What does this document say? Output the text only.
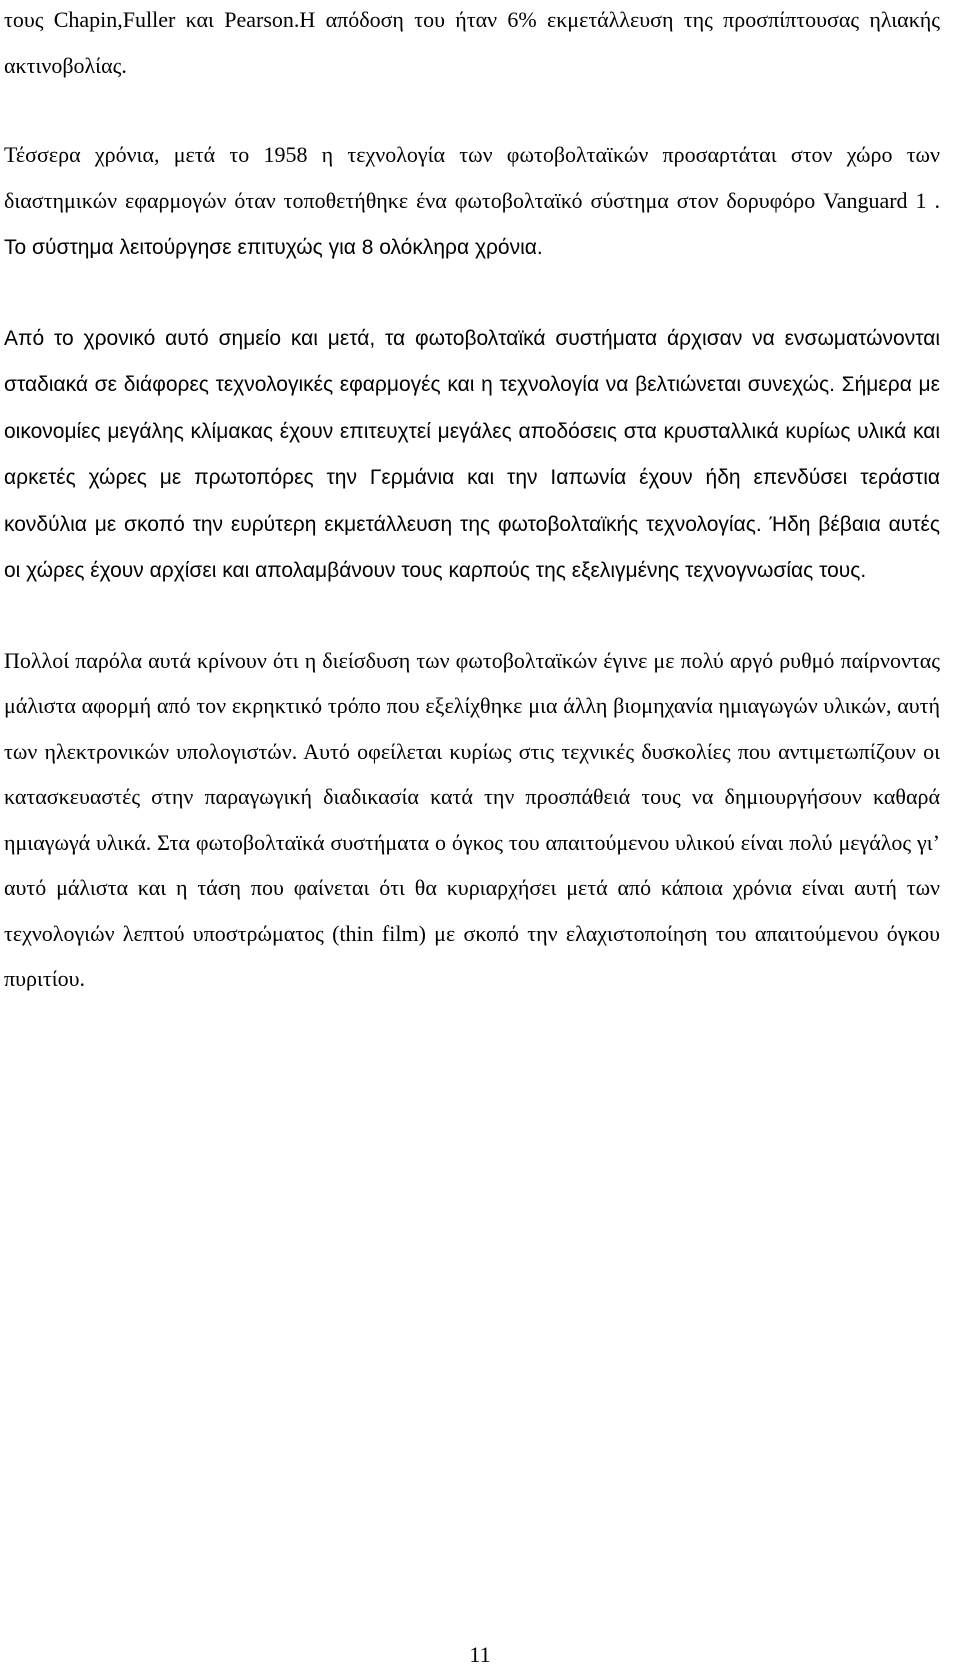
τους Chapin,Fuller και Pearson.H απόδοση του ήταν 6% εκμετάλλευση της προσπίπτουσας ηλιακής ακτινοβολίας.

Τέσσερα χρόνια, μετά το 1958 η τεχνολογία των φωτοβολταϊκών προσαρτάται στον χώρο των διαστημικών εφαρμογών όταν τοποθετήθηκε ένα φωτοβολταϊκό σύστημα στον δορυφόρο Vanguard 1 . Το σύστημα λειτούργησε επιτυχώς για 8 ολόκληρα χρόνια.

Από το χρονικό αυτό σημείο και μετά, τα φωτοβολταϊκά συστήματα άρχισαν να ενσωματώνονται σταδιακά σε διάφορες τεχνολογικές εφαρμογές και η τεχνολογία να βελτιώνεται συνεχώς. Σήμερα με οικονομίες μεγάλης κλίμακας έχουν επιτευχτεί μεγάλες αποδόσεις στα κρυσταλλικά κυρίως υλικά και αρκετές χώρες με πρωτοπόρες την Γερμάνια και την Ιαπωνία έχουν ήδη επενδύσει τεράστια κονδύλια με σκοπό την ευρύτερη εκμετάλλευση της φωτοβολταϊκής τεχνολογίας. Ήδη βέβαια αυτές οι χώρες έχουν αρχίσει και απολαμβάνουν τους καρπούς της εξελιγμένης τεχνογνωσίας τους.

Πολλοί παρόλα αυτά κρίνουν ότι η διείσδυση των φωτοβολταϊκών έγινε με πολύ αργό ρυθμό παίρνοντας μάλιστα αφορμή από τον εκρηκτικό τρόπο που εξελίχθηκε μια άλλη βιομηχανία ημιαγωγών υλικών, αυτή των ηλεκτρονικών υπολογιστών. Αυτό οφείλεται κυρίως στις τεχνικές δυσκολίες που αντιμετωπίζουν οι κατασκευαστές στην παραγωγική διαδικασία κατά την προσπάθειά τους να δημιουργήσουν καθαρά ημιαγωγά υλικά. Στα φωτοβολταϊκά συστήματα ο όγκος του απαιτούμενου υλικού είναι πολύ μεγάλος γι’ αυτό μάλιστα και η τάση που φαίνεται ότι θα κυριαρχήσει μετά από κάποια χρόνια είναι αυτή των τεχνολογιών λεπτού υποστρώματος (thin film) με σκοπό την ελαχιστοποίηση του απαιτούμενου όγκου πυριτίου.

11
